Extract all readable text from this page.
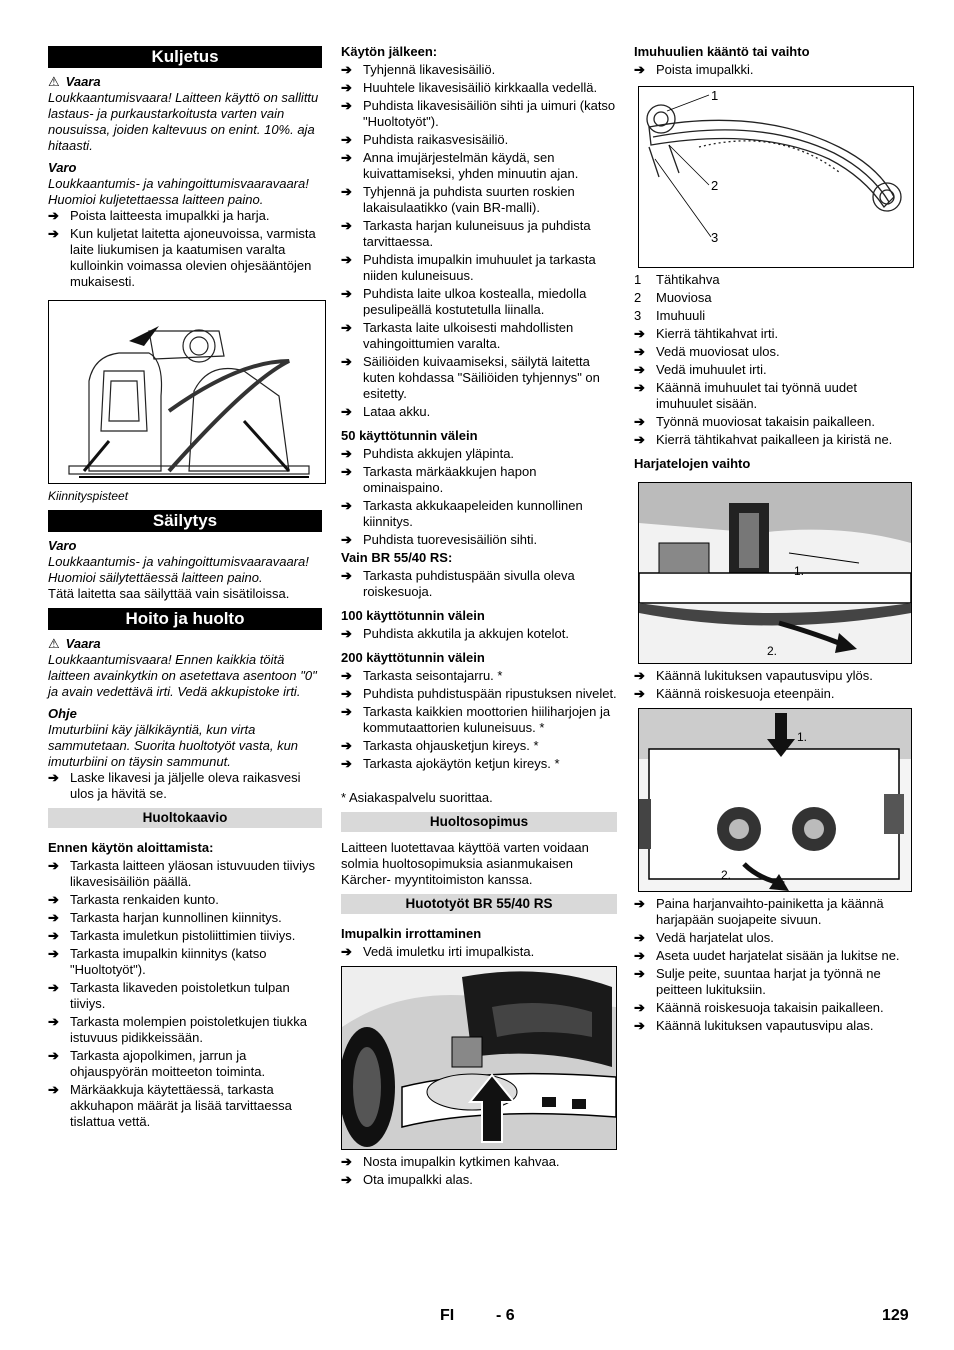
Kuljetus
⚠ Vaara

Loukkaantumisvaara! Laitteen käyttö on sallittu lastaus- ja purkaustarkoitusta varten vain nousuissa, joiden kaltevuus on enint. 10%. aja hitaasti.

Varo

Loukkaantumis- ja vahingoittumisvaaravaara! Huomioi kuljetettaessa laitteen paino.

➔ Poista laitteesta imupalkki ja harja.
➔ Kun kuljetat laitetta ajoneuvoissa, varmista laite liukumisen ja kaatumisen varalta kulloinkin voimassa olevien ohjesääntöjen mukaisesti.
Kiinnityspisteet
Säilytys
Varo

Loukkaantumis- ja vahingoittumisvaaravaara! Huomioi säilytettäessä laitteen paino.

Tätä laitetta saa säilyttää vain sisätiloissa.

Hoito ja huolto
⚠ Vaara

Loukkaantumisvaara! Ennen kaikkia töitä laitteen avainkytkin on asetettava asentoon "0" ja avain vedettävä irti. Vedä akkupistoke irti.

Ohje

Imuturbiini käy jälkikäyntiä, kun virta sammutetaan. Suorita huoltotyöt vasta, kun imuturbiini on täysin sammunut.

➔ Laske likavesi ja jäljelle oleva raikasvesi ulos ja hävitä se.
Huoltokaavio
Ennen käytön aloittamista:
➔ Tarkasta laitteen yläosan istuvuuden tiiviys likavesisäiliön päällä.
➔ Tarkasta renkaiden kunto.
➔ Tarkasta harjan kunnollinen kiinnitys.
➔ Tarkasta imuletkun pistoliittimien tiiviys.
➔ Tarkasta imupalkin kiinnitys (katso "Huoltotyöt").
➔ Tarkasta likaveden poistoletkun tulpan tiiviys.
➔ Tarkasta molempien poistoletkujen tiukka istuvuus pidikkeissään.
➔ Tarkasta ajopolkimen, jarrun ja ohjauspyörän moitteeton toiminta.
➔ Märkäakkuja käytettäessä, tarkasta akkuhapon määrät ja lisää tarvittaessa tislattua vettä.
Käytön jälkeen:
➔ Tyhjennä likavesisäiliö.
➔ Huuhtele likavesisäiliö kirkkaalla vedellä.
➔ Puhdista likavesisäiliön sihti ja uimuri (katso "Huoltotyöt").
➔ Puhdista raikasvesisäiliö.
➔ Anna imujärjestelmän käydä, sen kuivattamiseksi, yhden minuutin ajan.
➔ Tyhjennä ja puhdista suurten roskien lakaisulaatikko (vain BR-malli).
➔ Tarkasta harjan kuluneisuus ja puhdista tarvittaessa.
➔ Puhdista imupalkin imuhuulet ja tarkasta niiden kuluneisuus.
➔ Puhdista laite ulkoa kostealla, miedolla pesulipeällä kostutetulla liinalla.
➔ Tarkasta laite ulkoisesti mahdollisten vahingoittumien varalta.
➔ Säiliöiden kuivaamiseksi, säilytä laitetta kuten kohdassa "Säiliöiden tyhjennys" on esitetty.
➔ Lataa akku.
50 käyttötunnin välein
➔ Puhdista akkujen yläpinta.
➔ Tarkasta märkäakkujen hapon ominaispaino.
➔ Tarkasta akkukaapeleiden kunnollinen kiinnitys.
➔ Puhdista tuorevesisäiliön sihti.
Vain BR 55/40 RS:
➔ Tarkasta puhdistuspään sivulla oleva roiskesuoja.
100 käyttötunnin välein
➔ Puhdista akkutila ja akkujen kotelot.
200 käyttötunnin välein
➔ Tarkasta seisontajarru. *
➔ Puhdista puhdistuspään ripustuksen nivelet.
➔ Tarkasta kaikkien moottorien hiiliharjojen ja kommutaattorien kuluneisuus. *
➔ Tarkasta ohjausketjun kireys. *
➔ Tarkasta ajokäytön ketjun kireys. *

* Asiakaspalvelu suorittaa.

Huoltosopimus

Laitteen luotettavaa käyttöä varten voidaan solmia huoltosopimuksia asianmukaisen Kärcher- myyntitoimiston kanssa.

Huototyöt BR 55/40 RS
Imupalkin irrottaminen
➔ Vedä imuletku irti imupalkista.
➔ Nosta imupalkin kytkimen kahvaa.
➔ Ota imupalkki alas.
Imuhuulien kääntö tai vaihto
➔ Poista imupalkki.
1
2
3
1 Tähtikahva
2 Muoviosa
3 Imuhuuli
➔ Kierrä tähtikahvat irti.
➔ Vedä muoviosat ulos.
➔ Vedä imuhuulet irti.
➔ Käännä imuhuulet tai työnnä uudet imuhuulet sisään.
➔ Työnnä muoviosat takaisin paikalleen.
➔ Kierrä tähtikahvat paikalleen ja kiristä ne.
Harjatelojen vaihto
1.
2.
➔ Käännä lukituksen vapautusvipu ylös.
➔ Käännä roiskesuoja eteenpäin.
1.
2.
➔ Paina harjanvaihto-painiketta ja käännä harjapään suojapeite sivuun.
➔ Vedä harjatelat ulos.
➔ Aseta uudet harjatelat sisään ja lukitse ne.
➔ Sulje peite, suuntaa harjat ja työnnä ne peitteen lukituksiin.
➔ Käännä roiskesuoja takaisin paikalleen.
➔ Käännä lukituksen vapautusvipu alas.
FI	- 6	129
